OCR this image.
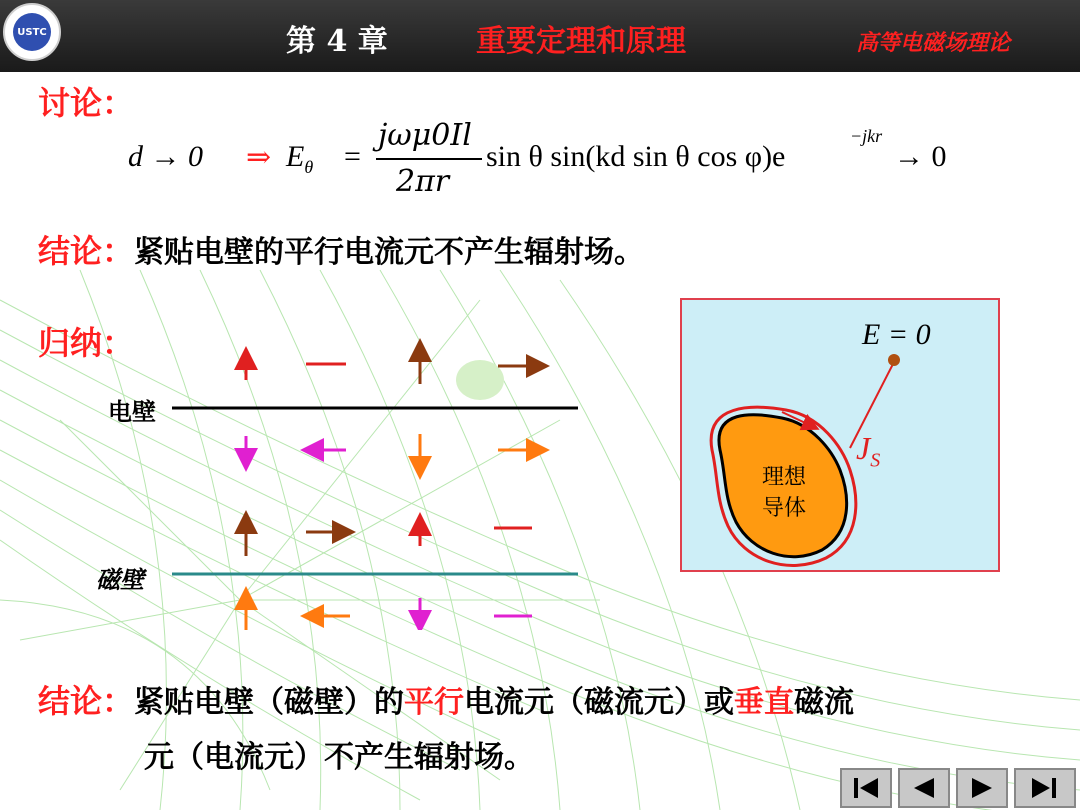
USTC	第 4 章	重要定理和原理	高等电磁场理论
讨论：
d → 0 ⇒ $E_\theta$ =
jωμ0Il
2πr
sin θ sin(kd sin θ cos φ)e
−jkr
→ 0
结论：紧贴电壁的平行电流元不产生辐射场。
归纳：
电壁
磁壁
E = 0
$J_S$
理想
导体
结论：紧贴电壁（磁壁）的平行电流元（磁流元）或垂直磁流
元（电流元）不产生辐射场。
